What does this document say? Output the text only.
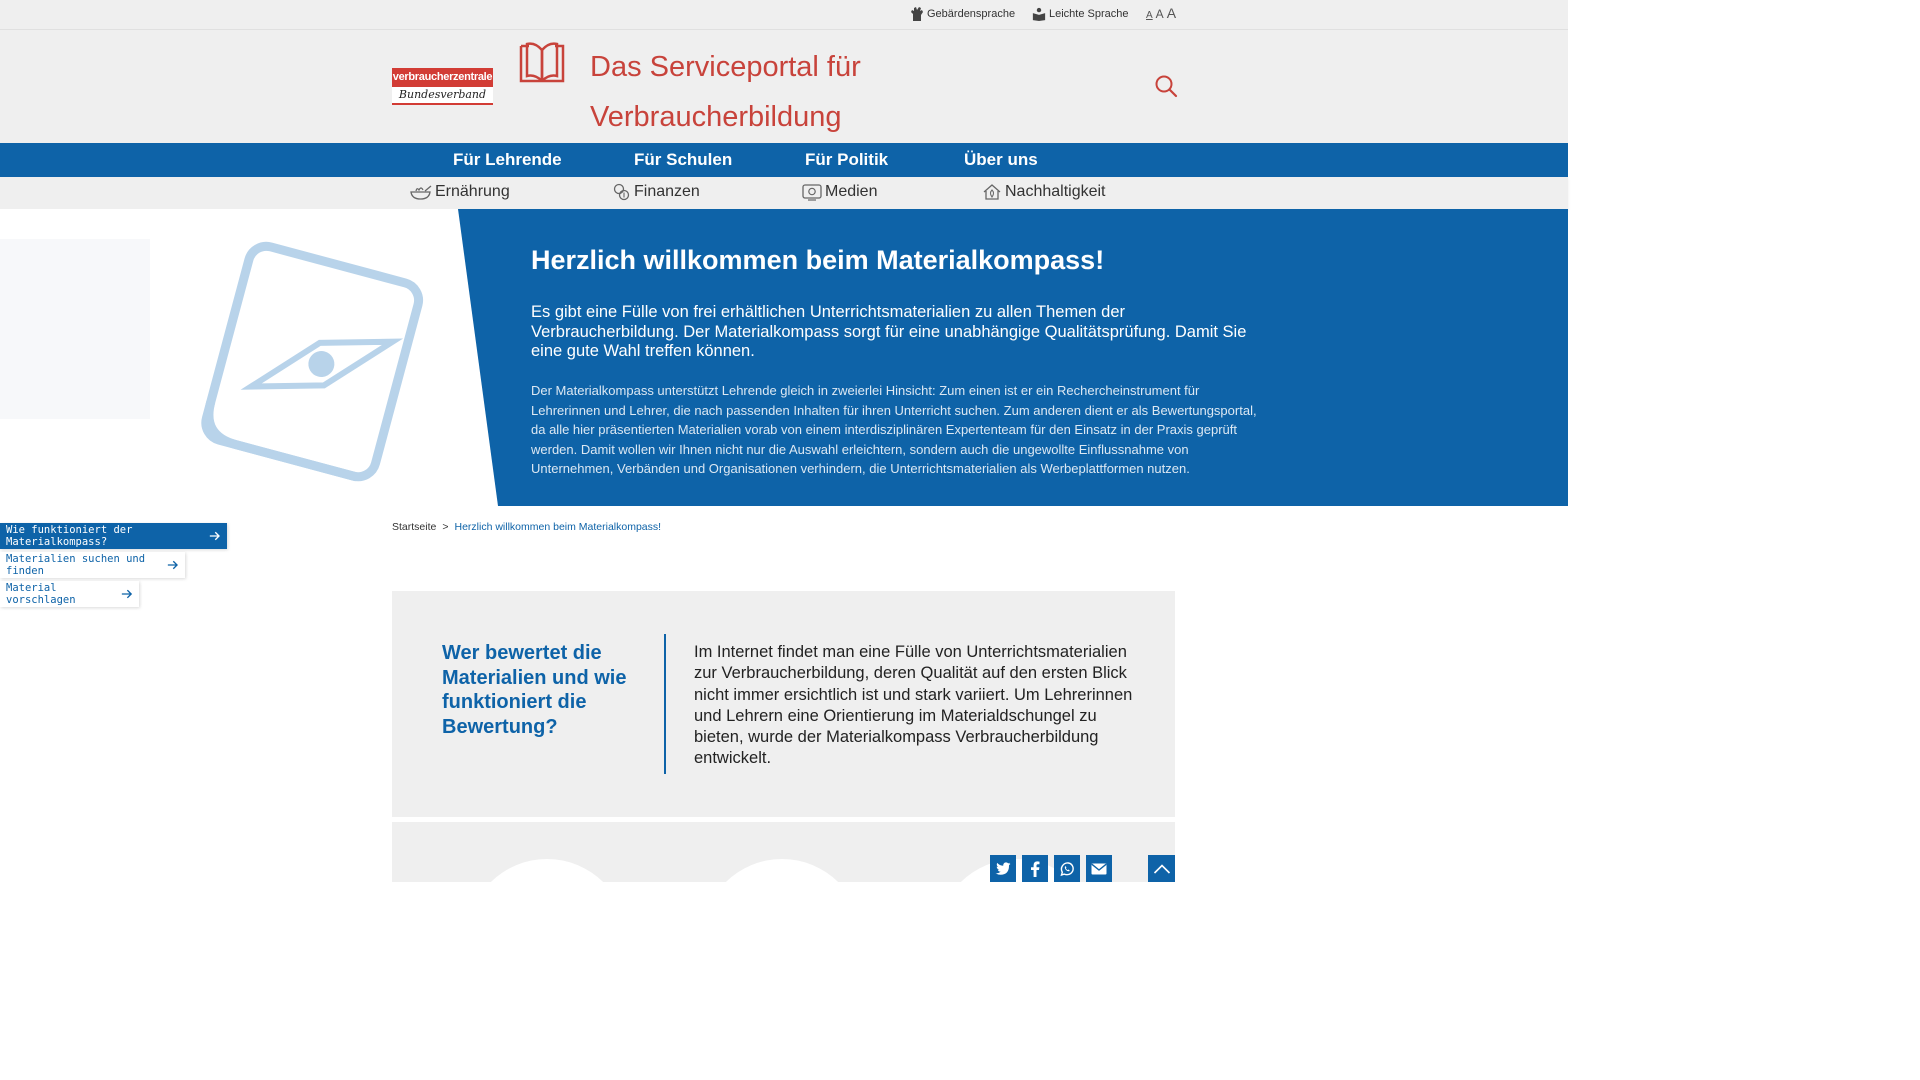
Gebärdensprache	Leichte Sprache A A A
verbraucherzentrale
Bundesverband
Das Serviceportal für
Verbraucherbildung
Für Lehrende	Für Schulen	Für Politik	Über uns
Ernährung	Finanzen	Medien	Nachhaltigkeit
Herzlich willkommen beim Materialkompass!

Es gibt eine Fülle von frei erhältlichen Unterrichtsmaterialien zu allen Themen der Verbraucherbildung. Der Materialkompass sorgt für eine unabhängige Qualitätsprüfung. Damit Sie eine gute Wahl treffen können.

Der Materialkompass unterstützt Lehrende gleich in zweierlei Hinsicht: Zum einen ist er ein Rechercheinstrument für Lehrerinnen und Lehrer, die nach passenden Inhalten für ihren Unterricht suchen. Zum anderen dient er als Bewertungsportal, da alle hier präsentierten Materialien vorab von einem interdisziplinären Expertenteam für den Einsatz in der Praxis geprüft werden. Damit wollen wir Ihnen nicht nur die Auswahl erleichtern, sondern auch die ungewollte Einflussnahme von Unternehmen, Verbänden und Organisationen verhindern, die Unterrichtsmaterialien als Werbeplattformen nutzen.

Wie funktioniert der Materialkompass?
Materialien suchen und finden
Material vorschlagen
Startseite > Herzlich willkommen beim Materialkompass!
Wer bewertet die Materialien und wie funktioniert die Bewertung?

Im Internet findet man eine Fülle von Unterrichtsmaterialien zur Verbraucherbildung, deren Qualität auf den ersten Blick nicht immer ersichtlich ist und stark variiert. Um Lehrerinnen und Lehrern eine Orientierung im Materialdschungel zu bieten, wurde der Materialkompass Verbraucherbildung entwickelt.
